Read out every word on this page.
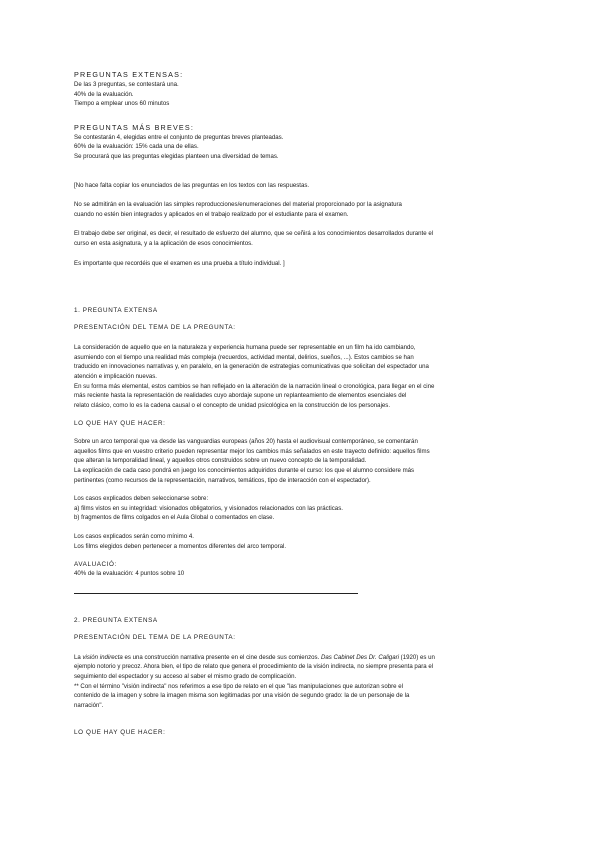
PREGUNTAS EXTENSAS:

De las 3 preguntas, se contestará una.

40% de la evaluación.

Tiempo a emplear unos 60 minutos

PREGUNTAS MÁS BREVES:

Se contestarán 4, elegidas entre el conjunto de preguntas breves planteadas.

60% de la evaluación: 15% cada una de ellas.

Se procurará que las preguntas elegidas planteen una diversidad de temas.

[No hace falta copiar los enunciados de las preguntas en los textos con las respuestas.

No se admitirán en la evaluación las simples reproducciones/enumeraciones del material proporcionado por la asignatura

cuando no estén bien integrados y aplicados en el trabajo realizado por el estudiante para el examen.

El trabajo debe ser original, es decir, el resultado de esfuerzo del alumno, que se ceñirá a los conocimientos desarrollados durante el

curso en esta asignatura, y a la aplicación de esos conocimientos.

Es importante que recordéis que el examen es una prueba a título individual. ]

1. PREGUNTA EXTENSA

PRESENTACIÓN DEL TEMA DE LA PREGUNTA:

La consideración de aquello que en la naturaleza y experiencia humana puede ser representable en un film ha ido cambiando,

asumiendo con el tiempo una realidad más compleja (recuerdos, actividad mental, delirios, sueños, ...). Estos cambios se han

traducido en innovaciones narrativas y, en paralelo, en la generación de estrategias comunicativas que solicitan del espectador una

atención e implicación nuevas.

En su forma más elemental, estos cambios se han reflejado en la alteración de la narración lineal o cronológica, para llegar en el cine

más reciente hasta la representación de realidades cuyo abordaje supone un replanteamiento de elementos esenciales del

relato clásico, como lo es la cadena causal o el concepto de unidad psicológica en la construcción de los personajes.

LO QUE HAY QUE HACER:

Sobre un arco temporal que va desde las vanguardias europeas (años 20) hasta el audiovisual contemporáneo, se comentarán

aquellos films que en vuestro criterio pueden representar mejor los cambios más señalados en este trayecto definido: aquellos films

que alteran la temporalidad lineal, y aquellos otros construidos sobre un nuevo concepto de la temporalidad.

La explicación de cada caso pondrá en juego los conocimientos adquiridos durante el curso: los que el alumno considere más

pertinentes (como recursos de la representación, narrativos, temáticos, tipo de interacción con el espectador).

Los casos explicados deben seleccionarse sobre:

a) films vistos en su integridad: visionados obligatorios, y visionados relacionados con las prácticas.

b) fragmentos de films colgados en el Aula Global o comentados en clase.

Los casos explicados serán como mínimo 4.

Los films elegidos deben pertenecer a momentos diferentes del arco temporal.

AVALUACIÓ:

40% de la evaluación: 4 puntos sobre 10

2. PREGUNTA EXTENSA

PRESENTACIÓN DEL TEMA DE LA PREGUNTA:

La visión indirecta es una construcción narrativa presente en el cine desde sus comienzos. Das Cabinet Des Dr. Caligari (1920) es un

ejemplo notorio y precoz. Ahora bien, el tipo de relato que genera el procedimiento de la visión indirecta, no siempre presenta para el

seguimiento del espectador y su acceso al saber el mismo grado de complicación.

** Con el término "visión indirecta" nos referimos a ese tipo de relato en el que "las manipulaciones que autorizan sobre el

contenido de la imagen y sobre la imagen misma son legitimadas por una visión de segundo grado: la de un personaje de la

narración".

LO QUE HAY QUE HACER:
